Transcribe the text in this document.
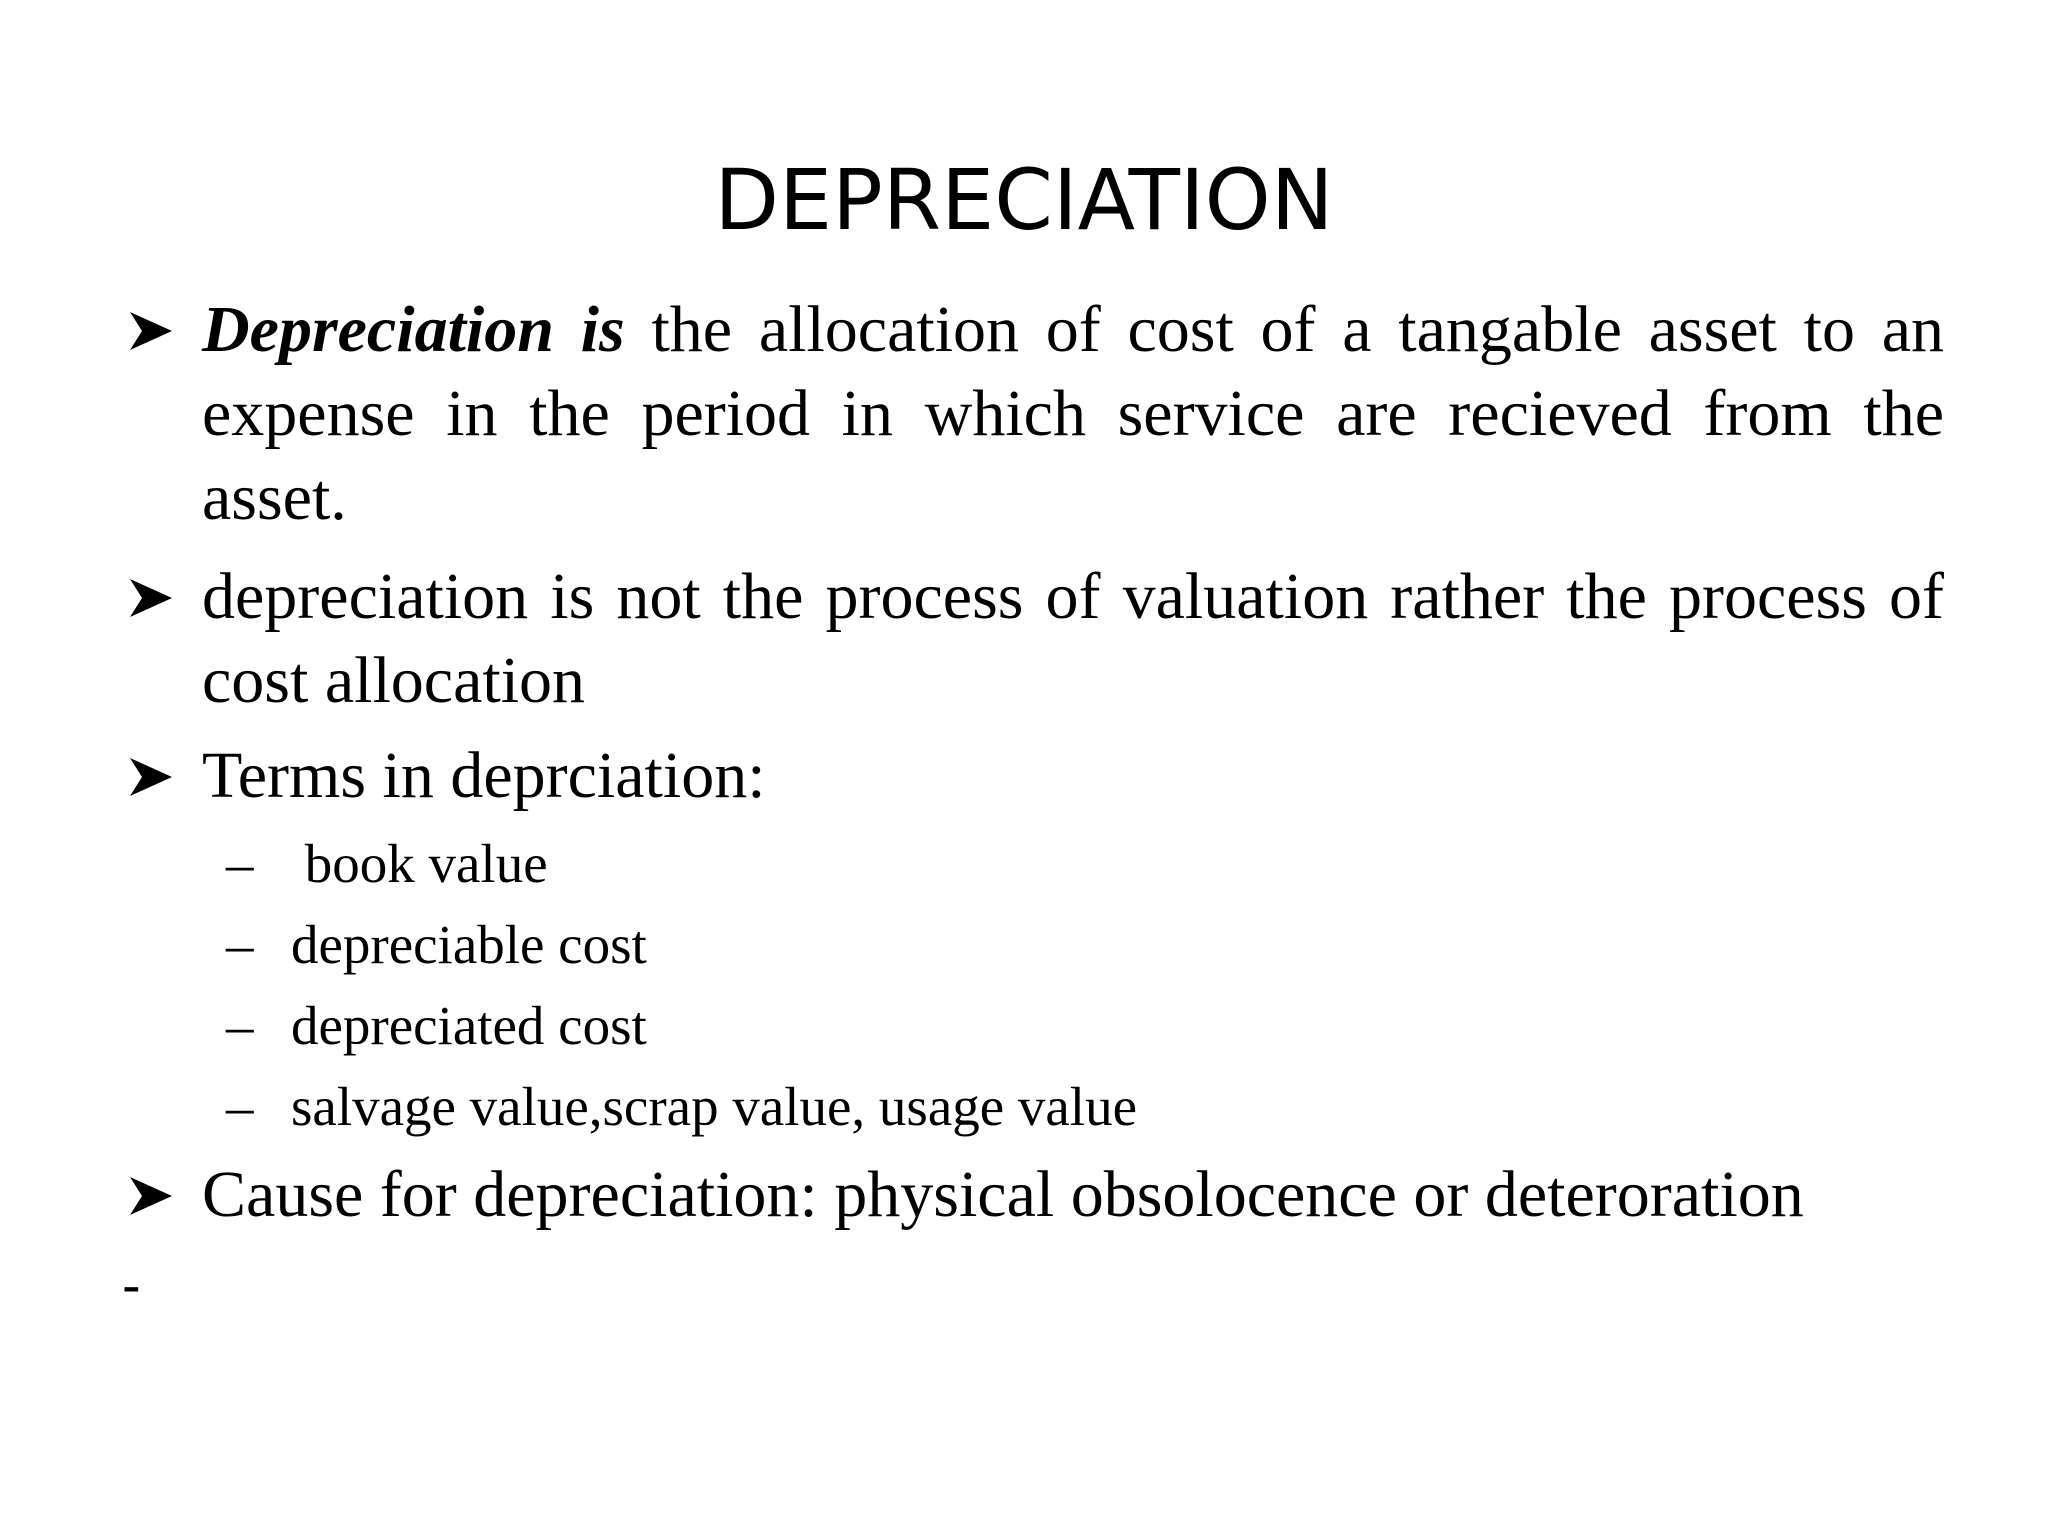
DEPRECIATION
Depreciation is the allocation of cost of a tangable asset to an expense in the period in which service are recieved from the asset.
depreciation is not the process of valuation rather the process of cost allocation
Terms in deprciation:
– book value
– depreciable cost
– depreciated cost
– salvage value,scrap value, usage value
Cause for depreciation: physical obsolocence or deteroration
-
